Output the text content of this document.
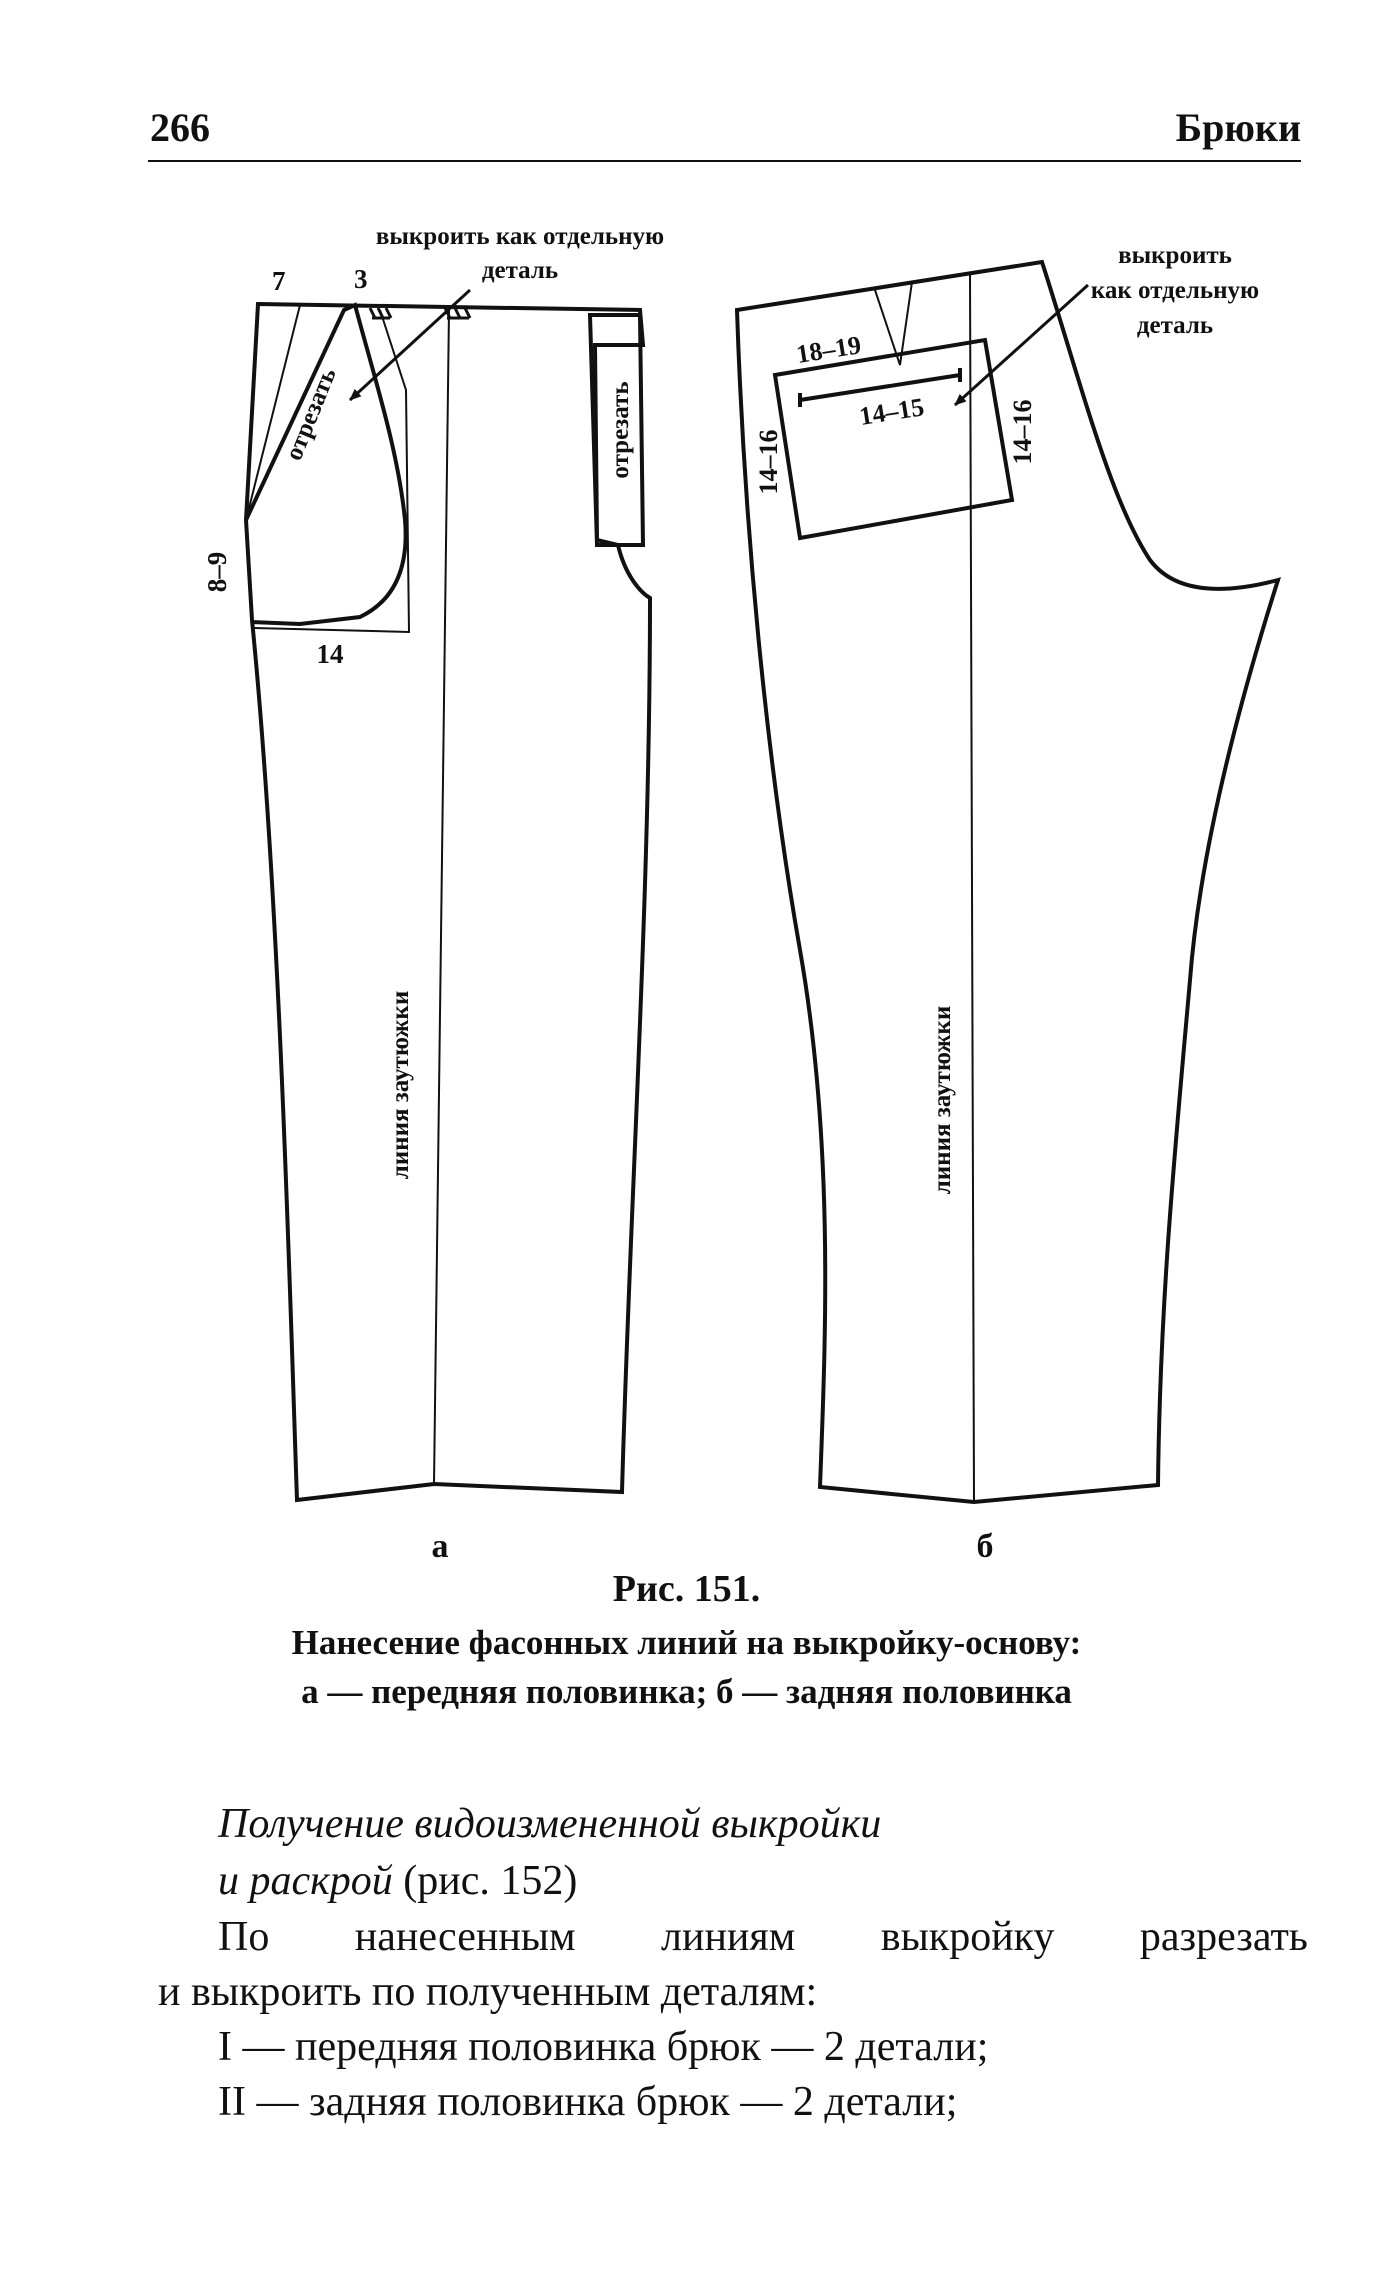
266	Брюки
выкроить как отдельную
деталь
7	3
8–9
14
отрезать	отрезать
линия заутюжки
а
выкроить
как отдельную
деталь
18–19
14–15
14–16	14–16
линия заутюжки
б
Рис. 151.
Нанесение фасонных линий на выкройку-основу:
а — передняя половинка; б — задняя половинка
Получение видоизмененной выкройки
и раскрой (рис. 152)
По нанесенным линиям выкройку разрезать
и выкроить по полученным деталям:
I — передняя половинка брюк — 2 детали;
II — задняя половинка брюк — 2 детали;
